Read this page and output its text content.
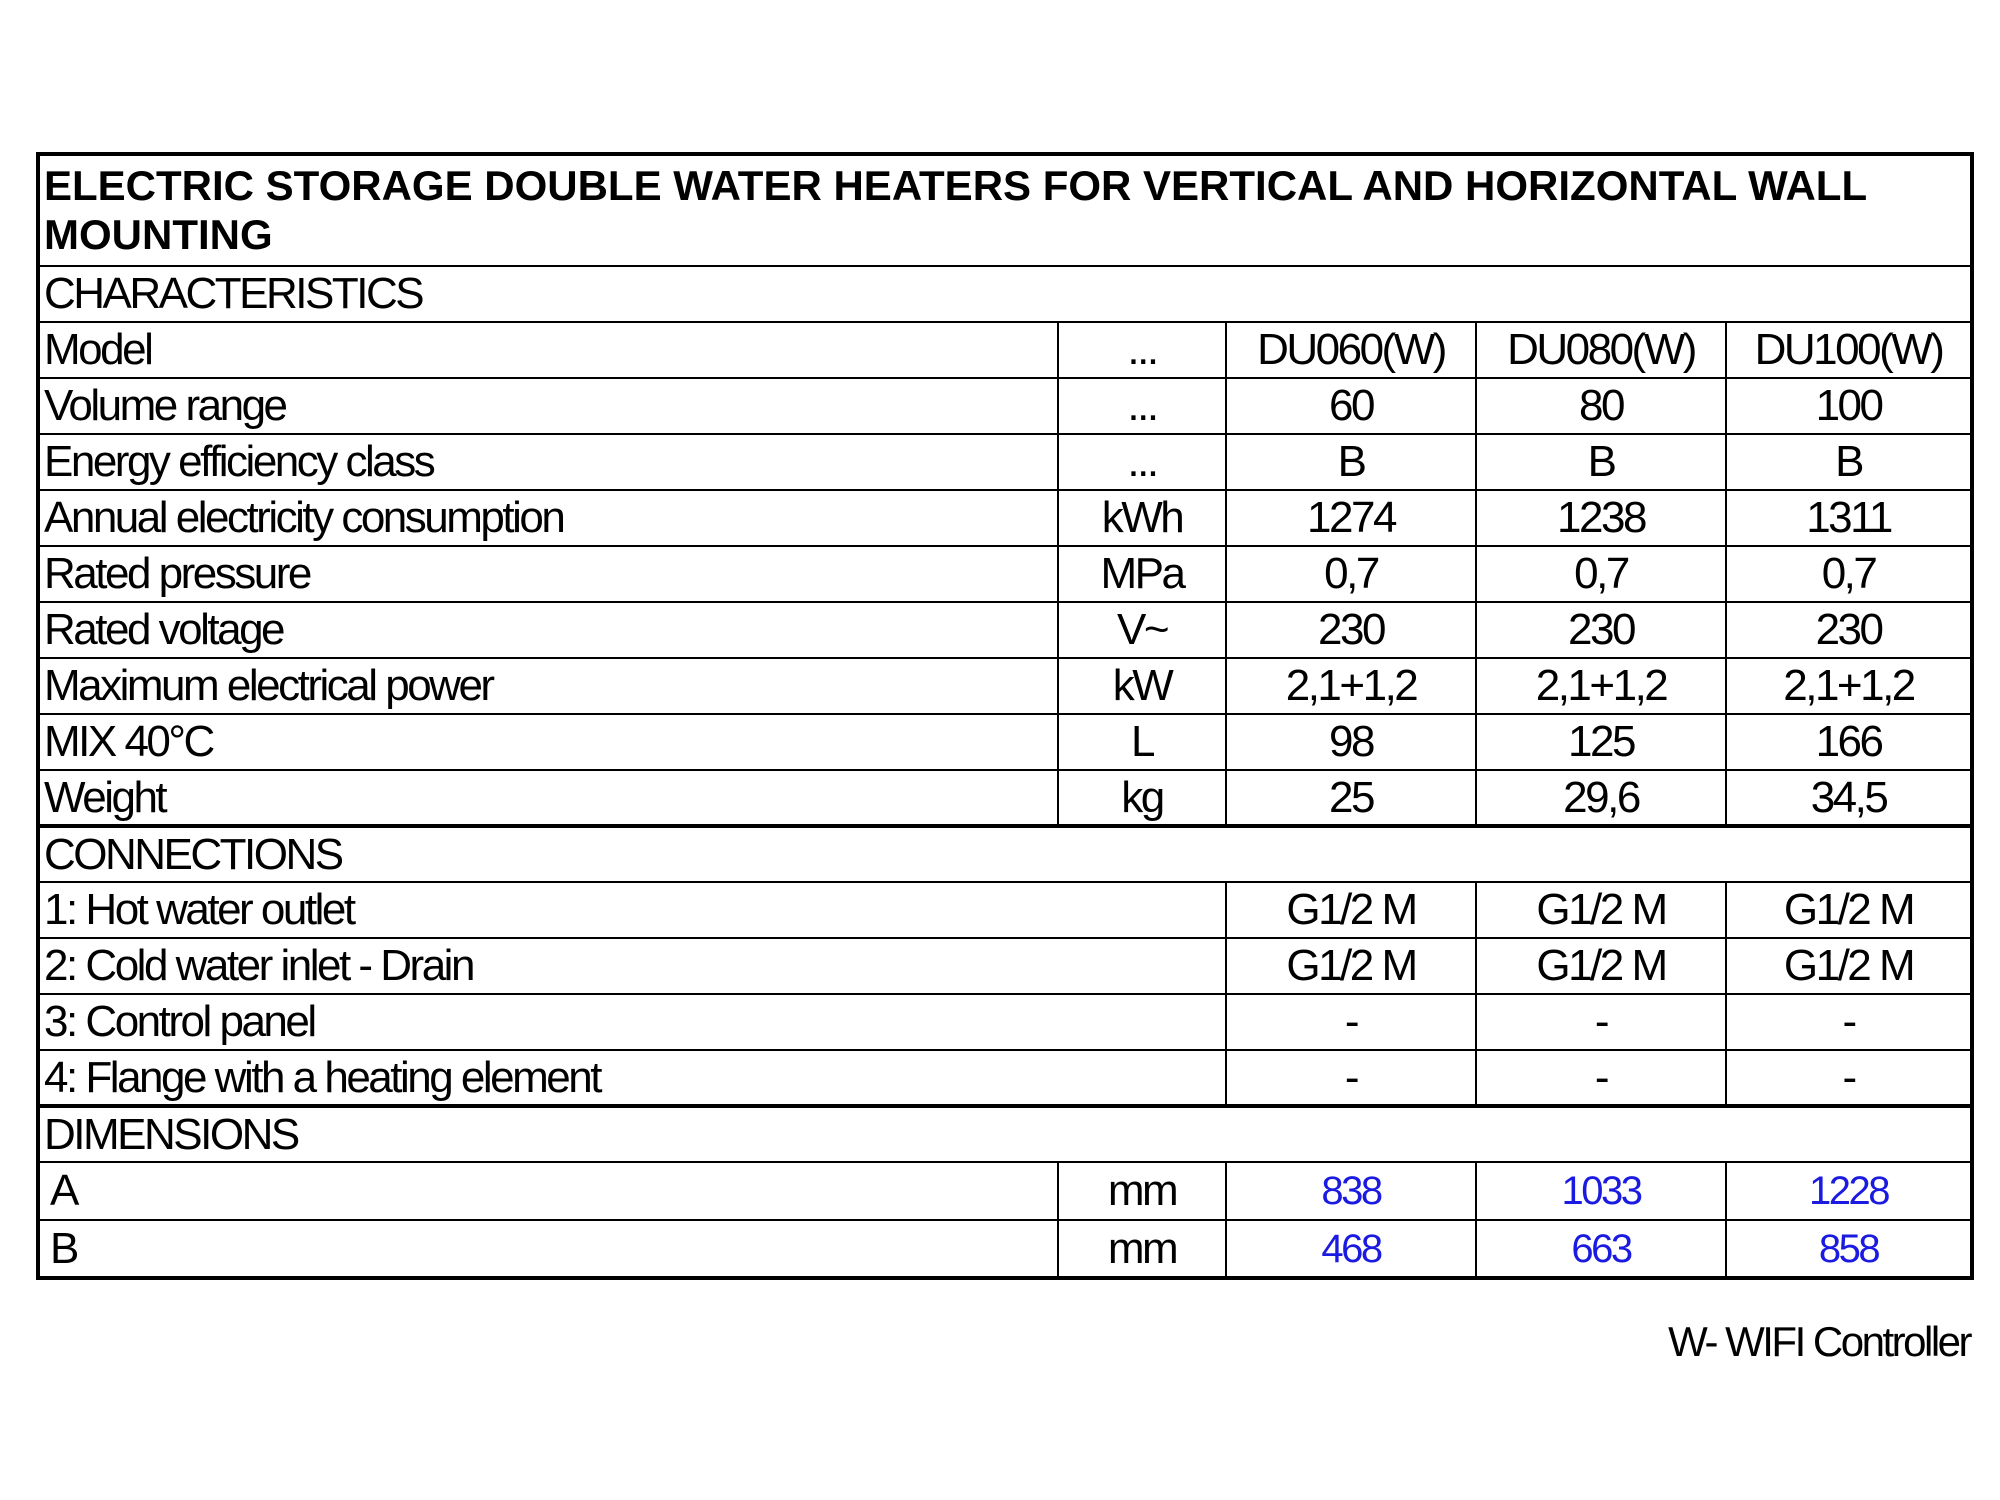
ELECTRIC STORAGE DOUBLE WATER HEATERS FOR VERTICAL AND HORIZONTAL WALL MOUNTING				
CHARACTERISTICS				
Model	...	DU060(W)	DU080(W)	DU100(W)
Volume range	...	60	80	100
Energy efficiency class	...	B	B	B
Annual electricity consumption	kWh	1274	1238	1311
Rated pressure	MPa	0,7	0,7	0,7
Rated voltage	V~	230	230	230
Maximum electrical power	kW	2,1+1,2	2,1+1,2	2,1+1,2
MIX 40°C	L	98	125	166
Weight	kg	25	29,6	34,5
CONNECTIONS				
1: Hot water outlet		G1/2 M	G1/2 M	G1/2 M
2: Cold water inlet - Drain		G1/2 M	G1/2 M	G1/2 M
3: Control panel		-	-	-
4: Flange with a heating element		-	-	-
DIMENSIONS				
A	mm	838	1033	1228
B	mm	468	663	858
W- WIFI Controller
